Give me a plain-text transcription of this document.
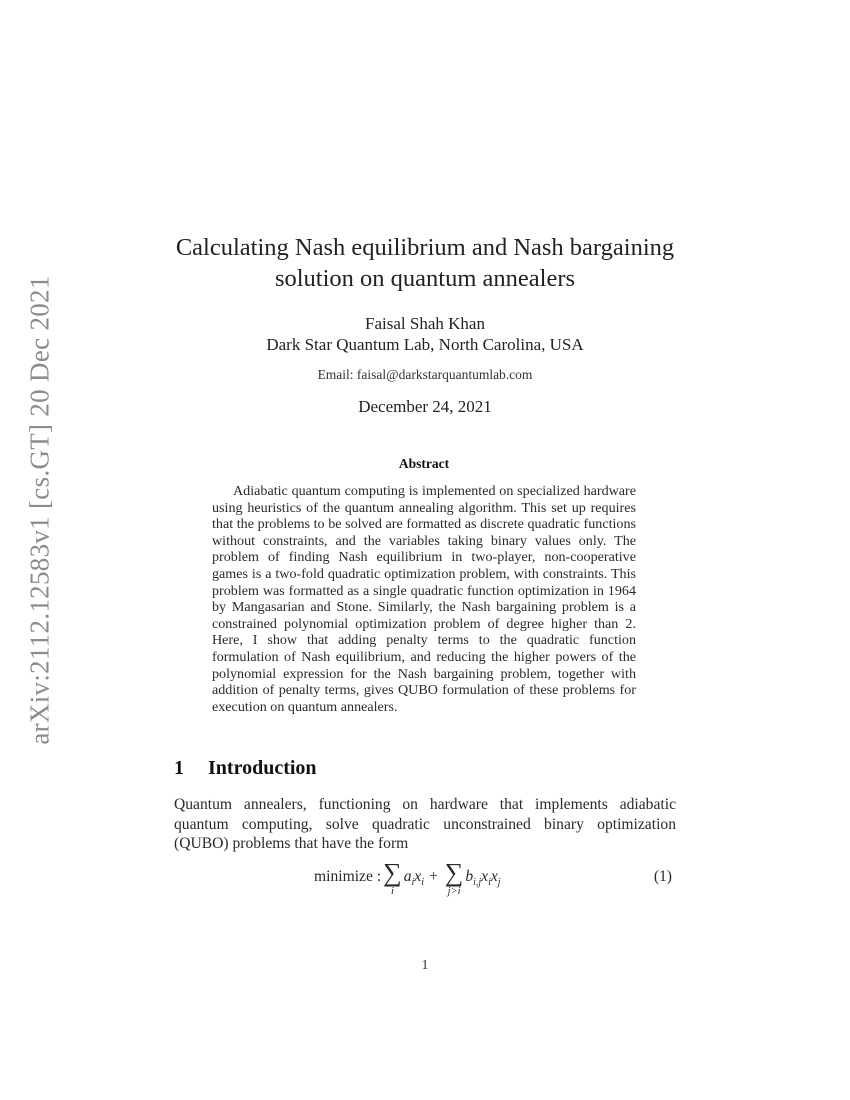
arXiv:2112.12583v1 [cs.GT] 20 Dec 2021
Calculating Nash equilibrium and Nash bargaining
solution on quantum annealers
Faisal Shah Khan
Dark Star Quantum Lab, North Carolina, USA
Email: faisal@darkstarquantumlab.com
December 24, 2021
Abstract
Adiabatic quantum computing is implemented on specialized hardware using heuristics of the quantum annealing algorithm. This set up requires that the problems to be solved are formatted as discrete quadratic functions without constraints, and the variables taking binary values only. The problem of finding Nash equilibrium in two-player, non-cooperative games is a two-fold quadratic optimization problem, with constraints. This problem was formatted as a single quadratic function optimization in 1964 by Mangasarian and Stone. Similarly, the Nash bargaining problem is a constrained polynomial optimization problem of degree higher than 2. Here, I show that adding penalty terms to the quadratic function formulation of Nash equilibrium, and reducing the higher powers of the polynomial expression for the Nash bargaining problem, together with addition of penalty terms, gives QUBO formulation of these problems for execution on quantum annealers.
1 Introduction
Quantum annealers, functioning on hardware that implements adiabatic quantum computing, solve quadratic unconstrained binary optimization (QUBO) problems that have the form
minimize : ∑
i
$a_ix_i$ + ∑
j>i
$b_{i,j}x_ix_j$	(1)
1
